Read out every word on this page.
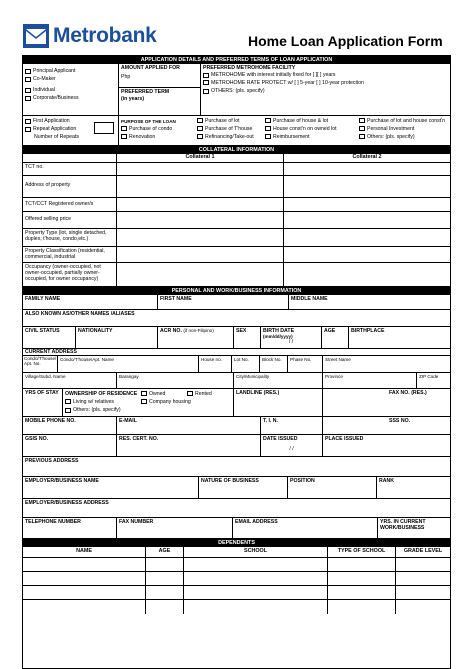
Metrobank	Home Loan Application Form
APPLICATION DETAILS AND PREFERRED TERMS OF LOAN APPLICATION
Principal Applicant
Co-Maker
Individual
Corporate/Business
AMOUNT APPLIED FOR
Php
PREFERRED TERM
(in years)
PREFERRED METROHOME FACILITY
METROHOME with interest initially fixed for [ ][ ] years
METROHOME RATE PROTECT w/ [ ] 5-year [ ] 10-year protection
OTHERS: (pls. specify)
First Application
Repeat Application
Number of Repeats
PURPOSE OF THE LOAN	Purchase of lot	Purchase of house & lot	Purchase of lot and house const'n
Purchase of condo	Purchase of T'house	House const'n on owned lot	Personal Investment
Renovation	Refinancing/Take-out	Reimbursement	Others: (pls. specify)
COLLATERAL INFORMATION
Collateral 1	Collateral 2
TCT no.
Address of property
TCT/CCT Registered owner/s
Offered selling price
Property Type (lot, single detached, duplex, t'house, condo,etc.)
Property Classification (residential, commercial, industrial
Occupancy (owner-occupied, not owner-occupied, partially owner-occupied, for owner occupancy)
PERSONAL AND WORK/BUSINESS INFORMATION
FAMILY NAME	FIRST NAME	MIDDLE NAME
ALSO KNOWN AS/OTHER NAMES /ALIASES
CIVIL STATUS	NATIONALITY	ACR NO. (if non-Filipino)	SEX	BIRTH DATE
(mm/dd/yyyy)
/ /
AGE	BIRTHPLACE
CURRENT ADDRESS
Condo/T'house/ Apt. No.
Condo/T'house/Apt. Name	House no.	Lot No.	Block No.	Phase No.	Street Name
Village/Subd. Name	Barangay	City/Municipality	Province	ZIP Code
YRS OF STAY	OWNERSHIP OF RESIDENCE	Owned	Rented
Living w/ relatives	Company housing
Others: (pls. specify)
LANDLINE (RES.)	FAX NO. (RES.)
MOBILE PHONE NO.	E-MAIL	T. I. N.	SSS NO.
GSIS NO.	RES. CERT. NO.	DATE ISSUED
/ /
PLACE ISSUED
PREVIOUS ADDRESS
EMPLOYER/BUSINESS NAME	NATURE OF BUSINESS	POSITION	RANK
EMPLOYER/BUSINESS ADDRESS
TELEPHONE NUMBER	FAX NUMBER	EMAIL ADDRESS	YRS. IN CURRENT WORK/BUSINESS
DEPENDENTS
NAME	AGE	SCHOOL	TYPE OF SCHOOL	GRADE LEVEL
